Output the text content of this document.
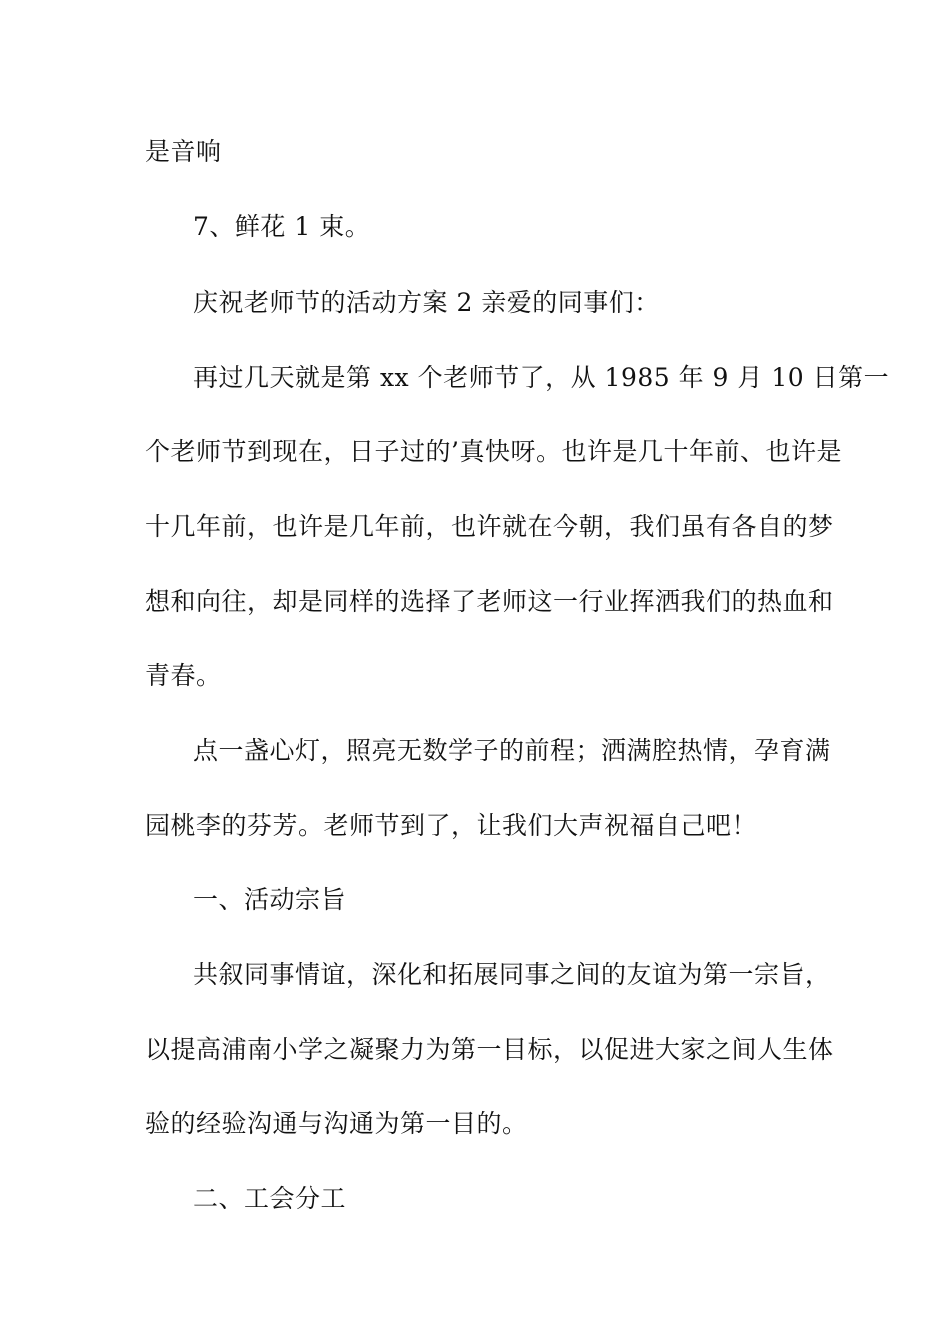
是音响
7、鲜花 1 束。
庆祝老师节的活动方案 2 亲爱的同事们：
再过几天就是第 xx 个老师节了，从 1985 年 9 月 10 日第一
个老师节到现在，日子过的’真快呀。也许是几十年前、也许是
十几年前，也许是几年前，也许就在今朝，我们虽有各自的梦
想和向往，却是同样的选择了老师这一行业挥洒我们的热血和
青春。
点一盏心灯，照亮无数学子的前程；洒满腔热情，孕育满
园桃李的芬芳。老师节到了，让我们大声祝福自己吧！
一、活动宗旨
共叙同事情谊，深化和拓展同事之间的友谊为第一宗旨，
以提高浦南小学之凝聚力为第一目标，以促进大家之间人生体
验的经验沟通与沟通为第一目的。
二、工会分工
